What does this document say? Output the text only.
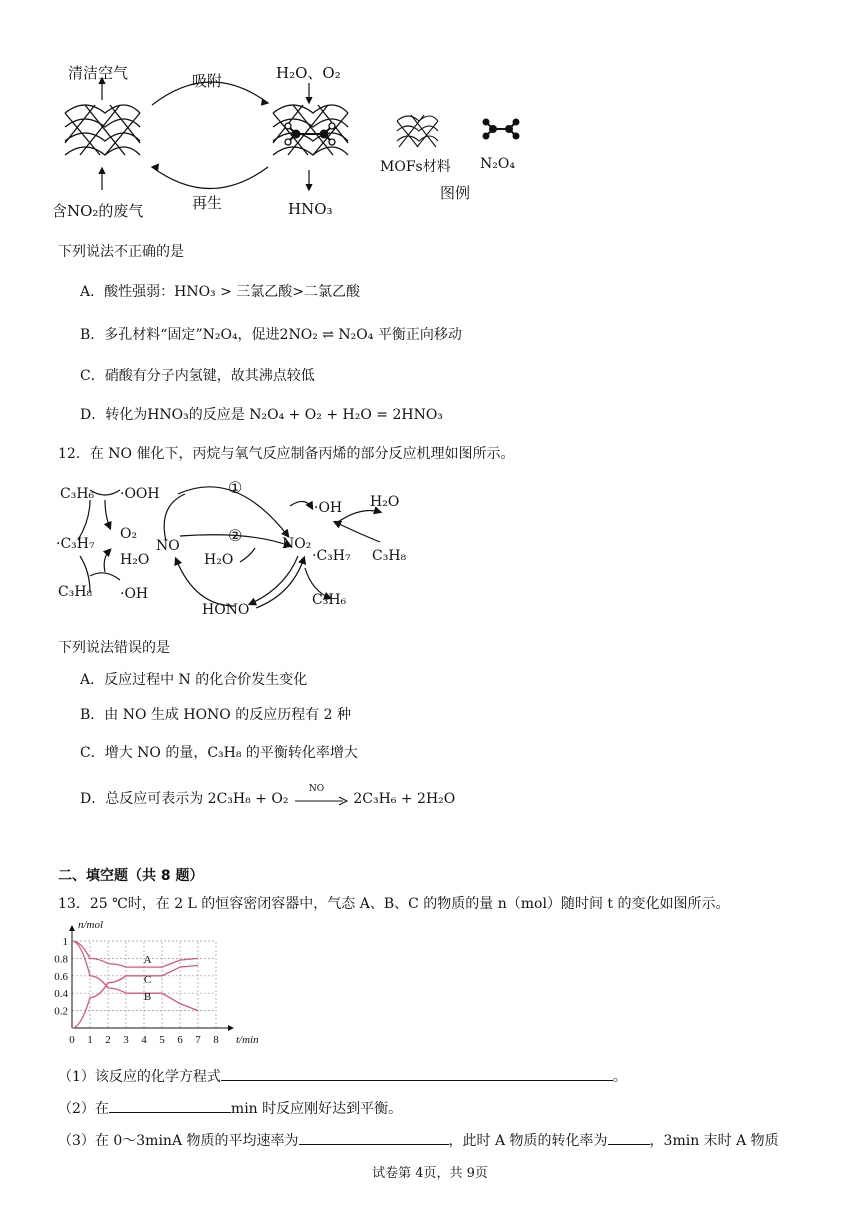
清洁空气	吸附	H₂O、O₂
含NO₂的废气	再生	HNO₃
MOFs材料 N₂O₄
图例
下列说法不正确的是
A．酸性强弱：HNO₃ > 三氯乙酸>二氯乙酸
B．多孔材料“固定”N₂O₄，促进2NO₂ ⇌ N₂O₄ 平衡正向移动
C．硝酸有分子内氢键，故其沸点较低
D．转化为HNO₃的反应是 N₂O₄ + O₂ + H₂O = 2HNO₃
12．在 NO 催化下，丙烷与氧气反应制备丙烯的部分反应机理如图所示。
C₃H₆ ·OOH	①
·OH H₂O
O₂	②
·C₃H₇	NO	NO₂
·C₃H₇ C₃H₈
H₂O	H₂O
C₃H₈ ·OH
HONO
C₃H₆
下列说法错误的是
A．反应过程中 N 的化合价发生变化
B．由 NO 生成 HONO 的反应历程有 2 种
C．增大 NO 的量，C₃H₈ 的平衡转化率增大
D．总反应可表示为 2C₃H₈ + O₂
NO
2C₃H₆ + 2H₂O
二、填空题（共 8 题）
13．25 ℃时，在 2 L 的恒容密闭容器中，气态 A、B、C 的物质的量 n（mol）随时间 t 的变化如图所示。
0 1 2 3 4 5 6 7 8
1
0.8
0.6
0.4
0.2
t/min
n/mol
A
C
B
（1）该反应的化学方程式	。
（2）在	min 时反应刚好达到平衡。
（3）在 0～3minA 物质的平均速率为	，此时 A 物质的转化率为	，3min 末时 A 物质
试卷第 4页，共 9页
